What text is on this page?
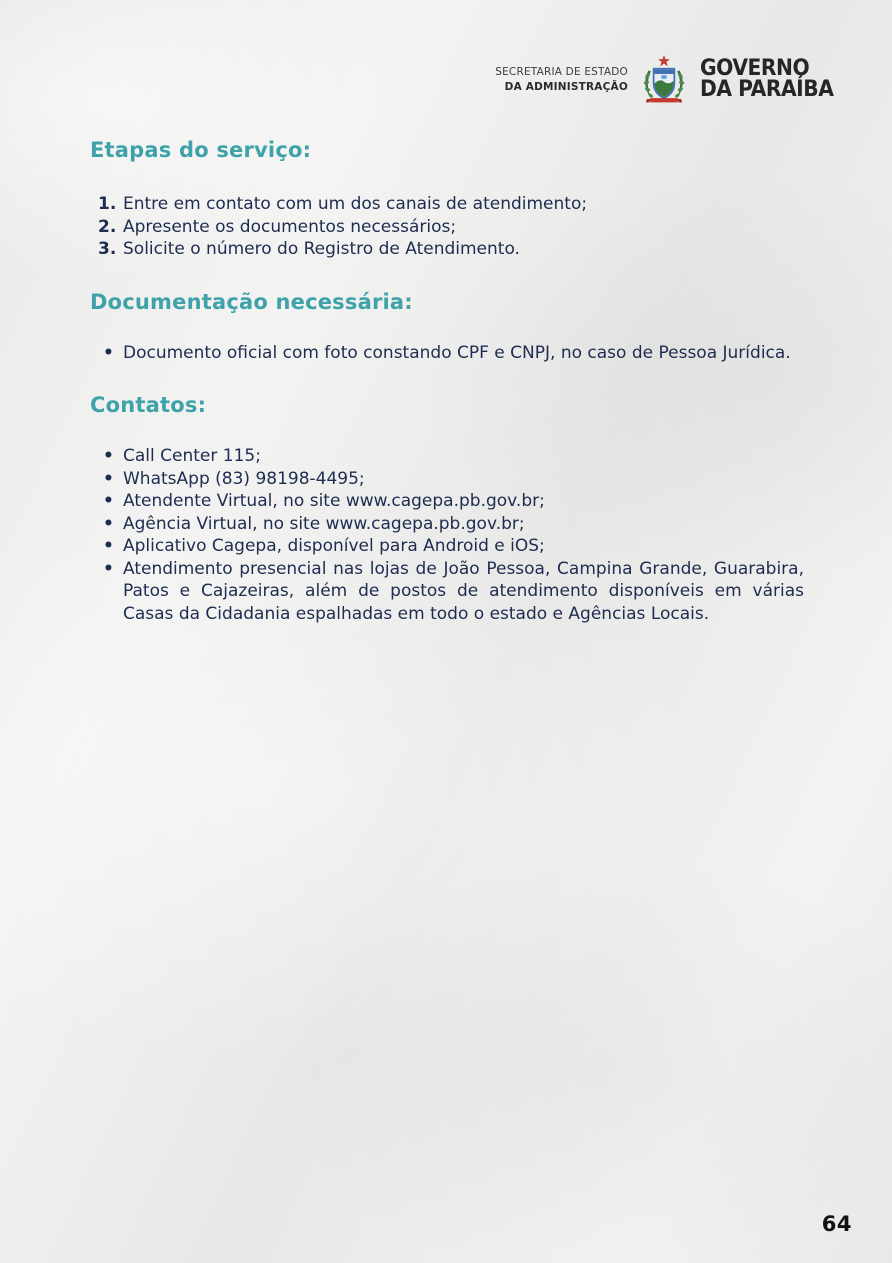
SECRETARIA DE ESTADO
DA ADMINISTRAÇÃO
GOVERNO
DA PARAÍBA
Etapas do serviço:
Entre em contato com um dos canais de atendimento;
Apresente os documentos necessários;
Solicite o número do Registro de Atendimento.
Documentação necessária:
• Documento oficial com foto constando CPF e CNPJ, no caso de Pessoa Jurídica.
Contatos:
• Call Center 115;
• WhatsApp (83) 98198-4495;
• Atendente Virtual, no site www.cagepa.pb.gov.br;
• Agência Virtual, no site www.cagepa.pb.gov.br;
• Aplicativo Cagepa, disponível para Android e iOS;
• Atendimento presencial nas lojas de João Pessoa, Campina Grande, Guarabira, Patos e Cajazeiras, além de postos de atendimento disponíveis em várias Casas da Cidadania espalhadas em todo o estado e Agências Locais.
64
